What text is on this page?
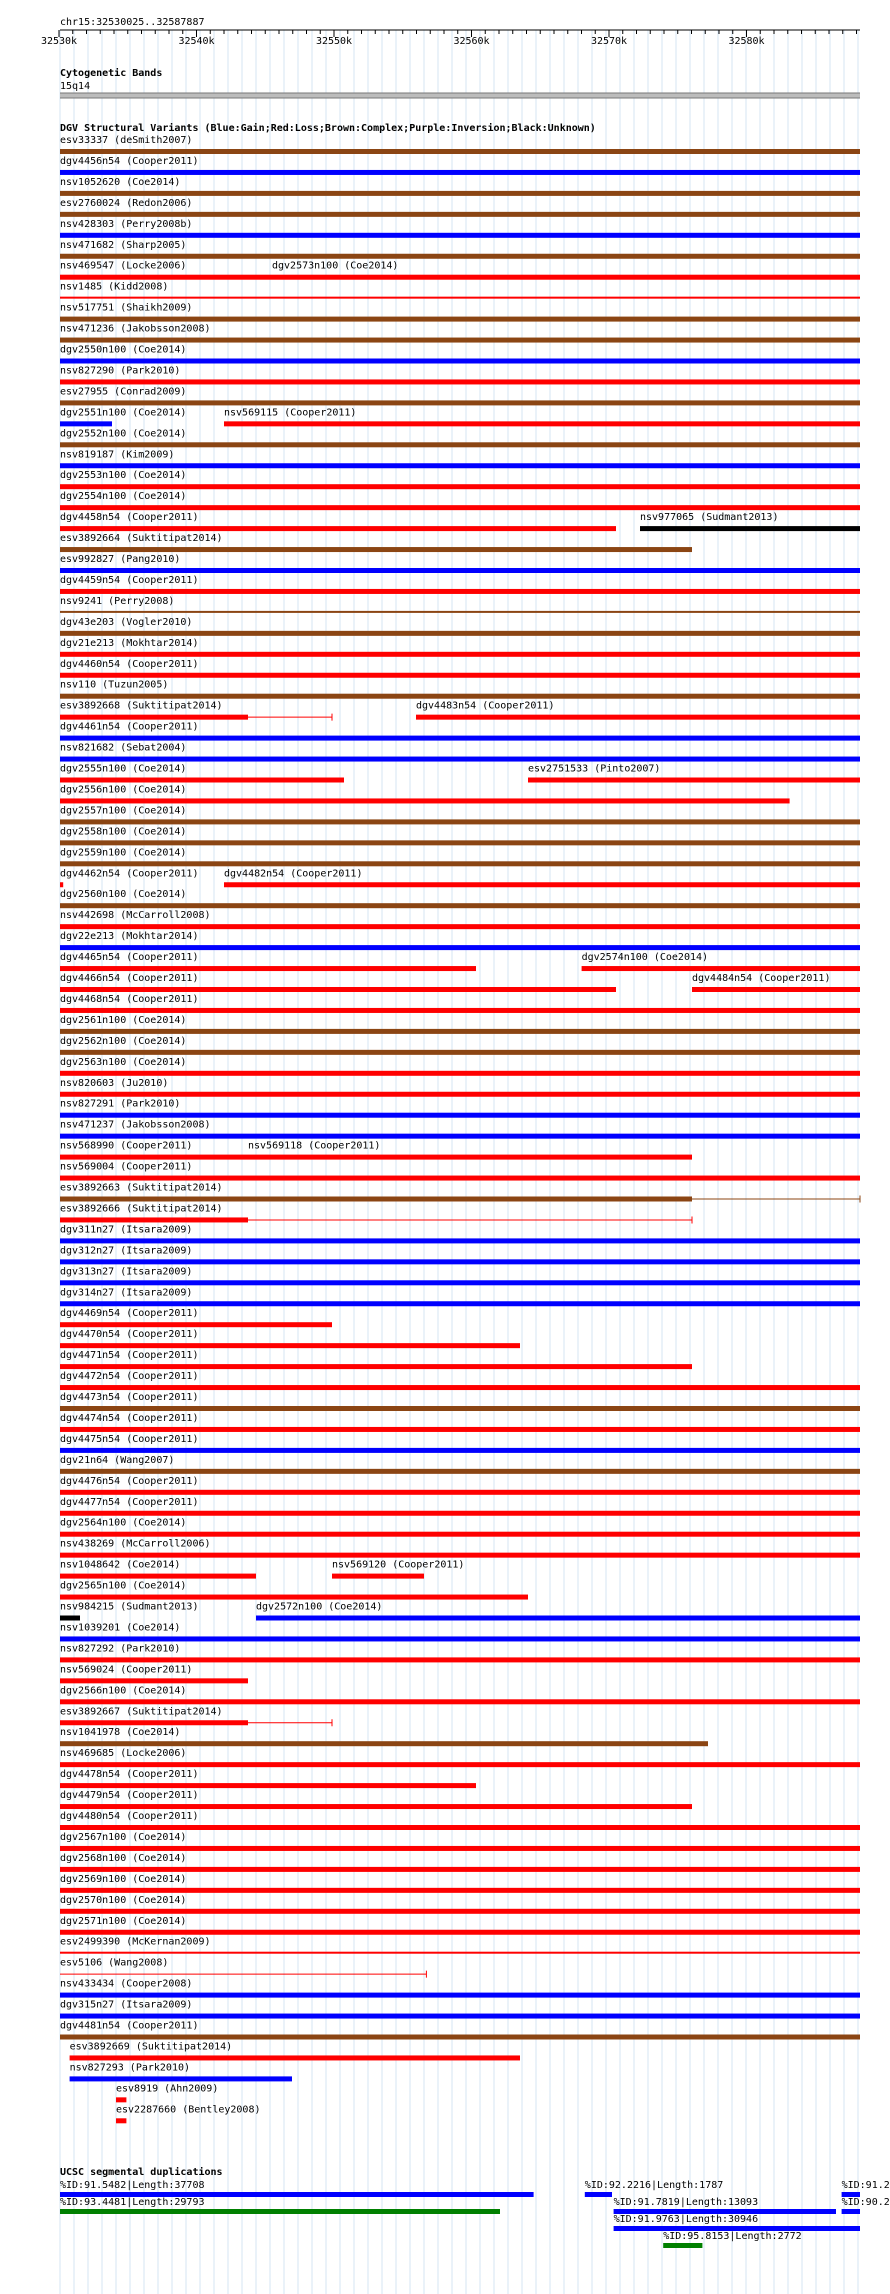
chr15:32530025..32587887
32530k	32540k	32550k	32560k	32570k	32580k
Cytogenetic Bands
15q14
DGV Structural Variants (Blue:Gain;Red:Loss;Brown:Complex;Purple:Inversion;Black:Unknown)
esv33337 (deSmith2007)
dgv4456n54 (Cooper2011)
nsv1052620 (Coe2014)
esv2760024 (Redon2006)
nsv428303 (Perry2008b)
nsv471682 (Sharp2005)
nsv469547 (Locke2006)	dgv2573n100 (Coe2014)
nsv1485 (Kidd2008)
nsv517751 (Shaikh2009)
nsv471236 (Jakobsson2008)
dgv2550n100 (Coe2014)
nsv827290 (Park2010)
esv27955 (Conrad2009)
dgv2551n100 (Coe2014)	nsv569115 (Cooper2011)
dgv2552n100 (Coe2014)
nsv819187 (Kim2009)
dgv2553n100 (Coe2014)
dgv2554n100 (Coe2014)
dgv4458n54 (Cooper2011)	nsv977065 (Sudmant2013)
esv3892664 (Suktitipat2014)
esv992827 (Pang2010)
dgv4459n54 (Cooper2011)
nsv9241 (Perry2008)
dgv43e203 (Vogler2010)
dgv21e213 (Mokhtar2014)
dgv4460n54 (Cooper2011)
nsv110 (Tuzun2005)
esv3892668 (Suktitipat2014)	dgv4483n54 (Cooper2011)
dgv4461n54 (Cooper2011)
nsv821682 (Sebat2004)
dgv2555n100 (Coe2014)	esv2751533 (Pinto2007)
dgv2556n100 (Coe2014)
dgv2557n100 (Coe2014)
dgv2558n100 (Coe2014)
dgv2559n100 (Coe2014)
dgv4462n54 (Cooper2011)	dgv4482n54 (Cooper2011)
dgv2560n100 (Coe2014)
nsv442698 (McCarroll2008)
dgv22e213 (Mokhtar2014)
dgv4465n54 (Cooper2011)	dgv2574n100 (Coe2014)
dgv4466n54 (Cooper2011)	dgv4484n54 (Cooper2011)
dgv4468n54 (Cooper2011)
dgv2561n100 (Coe2014)
dgv2562n100 (Coe2014)
dgv2563n100 (Coe2014)
nsv820603 (Ju2010)
nsv827291 (Park2010)
nsv471237 (Jakobsson2008)
nsv568990 (Cooper2011)	nsv569118 (Cooper2011)
nsv569004 (Cooper2011)
esv3892663 (Suktitipat2014)
esv3892666 (Suktitipat2014)
dgv311n27 (Itsara2009)
dgv312n27 (Itsara2009)
dgv313n27 (Itsara2009)
dgv314n27 (Itsara2009)
dgv4469n54 (Cooper2011)
dgv4470n54 (Cooper2011)
dgv4471n54 (Cooper2011)
dgv4472n54 (Cooper2011)
dgv4473n54 (Cooper2011)
dgv4474n54 (Cooper2011)
dgv4475n54 (Cooper2011)
dgv21n64 (Wang2007)
dgv4476n54 (Cooper2011)
dgv4477n54 (Cooper2011)
dgv2564n100 (Coe2014)
nsv438269 (McCarroll2006)
nsv1048642 (Coe2014)	nsv569120 (Cooper2011)
dgv2565n100 (Coe2014)
nsv984215 (Sudmant2013)	dgv2572n100 (Coe2014)
nsv1039201 (Coe2014)
nsv827292 (Park2010)
nsv569024 (Cooper2011)
dgv2566n100 (Coe2014)
esv3892667 (Suktitipat2014)
nsv1041978 (Coe2014)
nsv469685 (Locke2006)
dgv4478n54 (Cooper2011)
dgv4479n54 (Cooper2011)
dgv4480n54 (Cooper2011)
dgv2567n100 (Coe2014)
dgv2568n100 (Coe2014)
dgv2569n100 (Coe2014)
dgv2570n100 (Coe2014)
dgv2571n100 (Coe2014)
esv2499390 (McKernan2009)
esv5106 (Wang2008)
nsv433434 (Cooper2008)
dgv315n27 (Itsara2009)
dgv4481n54 (Cooper2011)
esv3892669 (Suktitipat2014)
nsv827293 (Park2010)
esv8919 (Ahn2009)
esv2287660 (Bentley2008)
UCSC segmental duplications
%ID:91.5482|Length:37708	%ID:92.2216|Length:1787	%ID:91.2
%ID:93.4481|Length:29793	%ID:91.7819|Length:13093	%ID:90.2
%ID:91.9763|Length:30946
%ID:95.8153|Length:2772
